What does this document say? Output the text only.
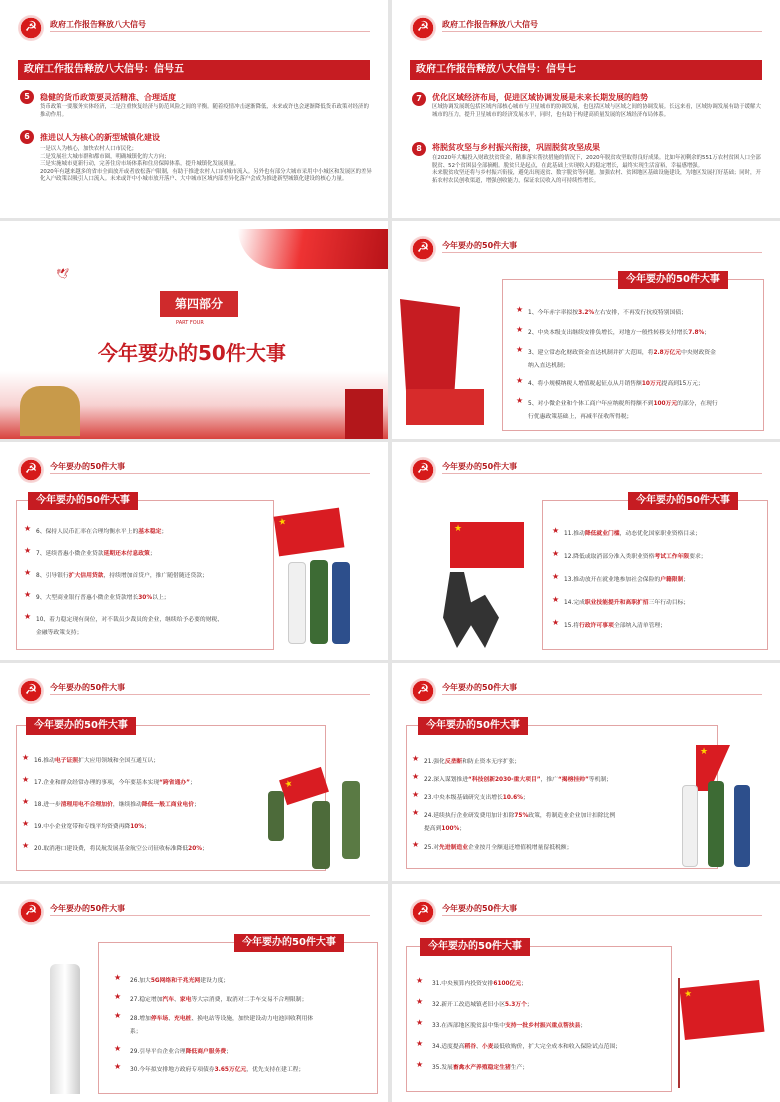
☭
政府工作报告释放八大信号
政府工作报告释放八大信号：信号五
5	稳健的货币政策要灵活精准、合理适度
货币政策一要服务实体经济，二是注重恢复经济与防范风险之间的平衡。随着疫情冲击逐渐降低，未来或许也会逐渐降低货币政策对经济的推动作用。
6	推进以人为核心的新型城镇化建设
一是以人为核心，加快农村人口市民化；
二是发展壮大城市群和都市圈，明确城镇化的大方向；
三是实施城市更新行动，完善住房市场体系和住房保障体系，提升城镇化发展质量。
2020年有越来越多的省市全面放开或者放松落户限制，有助于推进农村人口向城市流入。另外也有部分大城市采用中小城区和发展区的差异化入户政策以吸引人口流入。未来或许中小城市放开落户、大中城市区域内部差异化落户会成为推进新型城镇化建设的核心力量。
☭
政府工作报告释放八大信号
政府工作报告释放八大信号：信号七
7	优化区域经济布局，促进区域协调发展是未来长期发展的趋势
区域协调发展既包括区域内部核心城市与卫星城市的协调发展，也包括区域与区域之间的协调发展。长远来看，区域协调发展有助于缓解大城市的压力，提升卫星城市的经济发展水平，同时，也有助于构建高质量发展的区域经济布局体系。
8	将脱贫攻坚与乡村振兴衔接，巩固脱贫攻坚成果
在2020年大幅投入财政扶贫资金，精准落实帮扶措施的情况下，2020年脱贫攻坚取得良好成果。比如年初剩余的551万农村贫困人口全部脱贫、52个贫困县全部摘帽。脱贫只是起点，在此基础上实现收入的稳定增长，最终实现生活富裕，幸福感增强。
未来脱贫攻坚还将与乡村振兴衔接，避免出现返贫、数字脱贫等问题。加强农村、贫困地区基础设施建设，为地区发展打好基础；同时，开拓农村农民创收渠道，增强创收能力，保证农民收入的可持续性增长。
第四部分
PART FOUR
今年要办的50件大事
🕊
☭
今年要办的50件大事
今年要办的50件大事
★ 1、今年赤字率拟按3.2%左右安排，不再发行抗疫特别国债；
★ 2、中央本级支出继续安排负增长，对地方一般性转移支付增长7.8%；
★ 3、建立常态化财政资金直达机制并扩大范围，将2.8万亿元中央财政资金
纳入直达机制；
★ 4、将小规模纳税人增值税起征点从月销售额10万元提高到15万元；
★ 5、对小微企业和个体工商户年应纳税所得额不到100万元的部分，在现行
行优惠政策基础上，再减半征收所得税；
☭
今年要办的50件大事
今年要办的50件大事
★ 6、保持人民币汇率在合理均衡水平上的基本稳定；
★ 7、延续普惠小微企业贷款延期还本付息政策；
★ 8、引导银行扩大信用贷款，持续增加首贷户，推广随借随还贷款；
★ 9、大型商业银行普惠小微企业贷款增长30%以上；
★ 10、着力稳定现有岗位，对不裁员少裁员的企业，继续给予必要的财税、
金融等政策支持；
★
☭
今年要办的50件大事
★
今年要办的50件大事
★ 11.推动降低就业门槛，动态优化国家职业资格目录；
★ 12.降低或取消部分准入类职业资格考试工作年限要求；
★ 13.推动放开在就业地参加社会保险的户籍限制；
★ 14.完成职业技能提升和高职扩招三年行动目标；
★ 15.将行政许可事项全部纳入清单管理；
☭
今年要办的50件大事
今年要办的50件大事
★ 16.推动电子证照扩大应用领域和全国互通互认；
★ 17.企业和群众经常办理的事项，今年要基本实现“跨省通办”；
★ 18.进一步清理用电不合理加价，继续推动降低一般工商业电价；
★ 19.中小企业宽带和专线平均资费再降10%；
★ 20.取消港口建设费，将民航发展基金航空公司征收标准降低20%；
★
☭
今年要办的50件大事
今年要办的50件大事
★ 21.强化反垄断和防止资本无序扩张；
★ 22.深入谋划推进“科技创新2030-重大项目”，推广“揭榜挂帅”等机制；
★ 23.中央本级基础研究支出增长10.6%；
★ 24.延续执行企业研发费用加计扣除75%政策，将制造业企业加计扣除比例
提高到100%；
★ 25.对先进制造业企业按月全额退还增值税增量留抵税额；
★
☭
今年要办的50件大事
今年要办的50件大事
★ 26.加大5G网络和千兆光网建设力度；
★ 27.稳定增加汽车、家电等大宗消费，取消对二手车交易不合理限制；
★ 28.增加停车场、充电桩、换电站等设施，加快建设动力电池回收利用体
系；
★ 29.引导平台企业合理降低商户服务费；
★ 30.今年拟安排地方政府专项债券3.65万亿元，优先支持在建工程；
☭
今年要办的50件大事
今年要办的50件大事
★ 31.中央预算内投资安排6100亿元；
★ 32.新开工改造城镇老旧小区5.3万个；
★ 33.在西部地区脱贫县中集中支持一批乡村振兴重点帮扶县；
★ 34.适度提高稻谷、小麦最低收购价，扩大完全成本和收入保险试点范围；
★ 35.发展畜禽水产养殖稳定生猪生产；
★
